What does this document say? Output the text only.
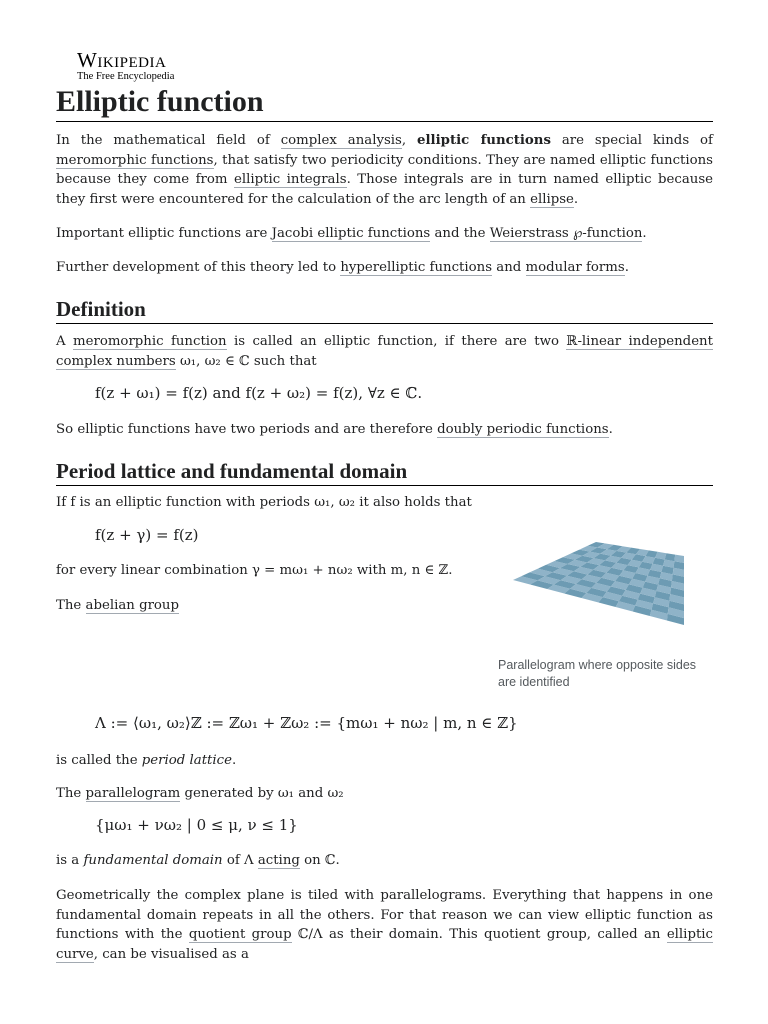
Wikipedia
The Free Encyclopedia
Elliptic function

In the mathematical field of complex analysis, elliptic functions are special kinds of meromorphic functions, that satisfy two periodicity conditions. They are named elliptic functions because they come from elliptic integrals. Those integrals are in turn named elliptic because they first were encountered for the calculation of the arc length of an ellipse.

Important elliptic functions are Jacobi elliptic functions and the Weierstrass ℘-function.

Further development of this theory led to hyperelliptic functions and modular forms.

Definition

A meromorphic function is called an elliptic function, if there are two ℝ-linear independent complex numbers ω₁, ω₂ ∈ ℂ such that

f(z + ω₁) = f(z) and f(z + ω₂) = f(z), ∀z ∈ ℂ.

So elliptic functions have two periods and are therefore doubly periodic functions.

Period lattice and fundamental domain

If f is an elliptic function with periods ω₁, ω₂ it also holds that

f(z + γ) = f(z)

for every linear combination γ = mω₁ + nω₂ with m, n ∈ ℤ.

The abelian group

Parallelogram where opposite sides are identified
Λ := ⟨ω₁, ω₂⟩ℤ := ℤω₁ + ℤω₂ := {mω₁ + nω₂ | m, n ∈ ℤ}

is called the period lattice.

The parallelogram generated by ω₁ and ω₂

{μω₁ + νω₂ | 0 ≤ μ, ν ≤ 1}

is a fundamental domain of Λ acting on ℂ.

Geometrically the complex plane is tiled with parallelograms. Everything that happens in one fundamental domain repeats in all the others. For that reason we can view elliptic function as functions with the quotient group ℂ/Λ as their domain. This quotient group, called an elliptic curve, can be visualised as a
